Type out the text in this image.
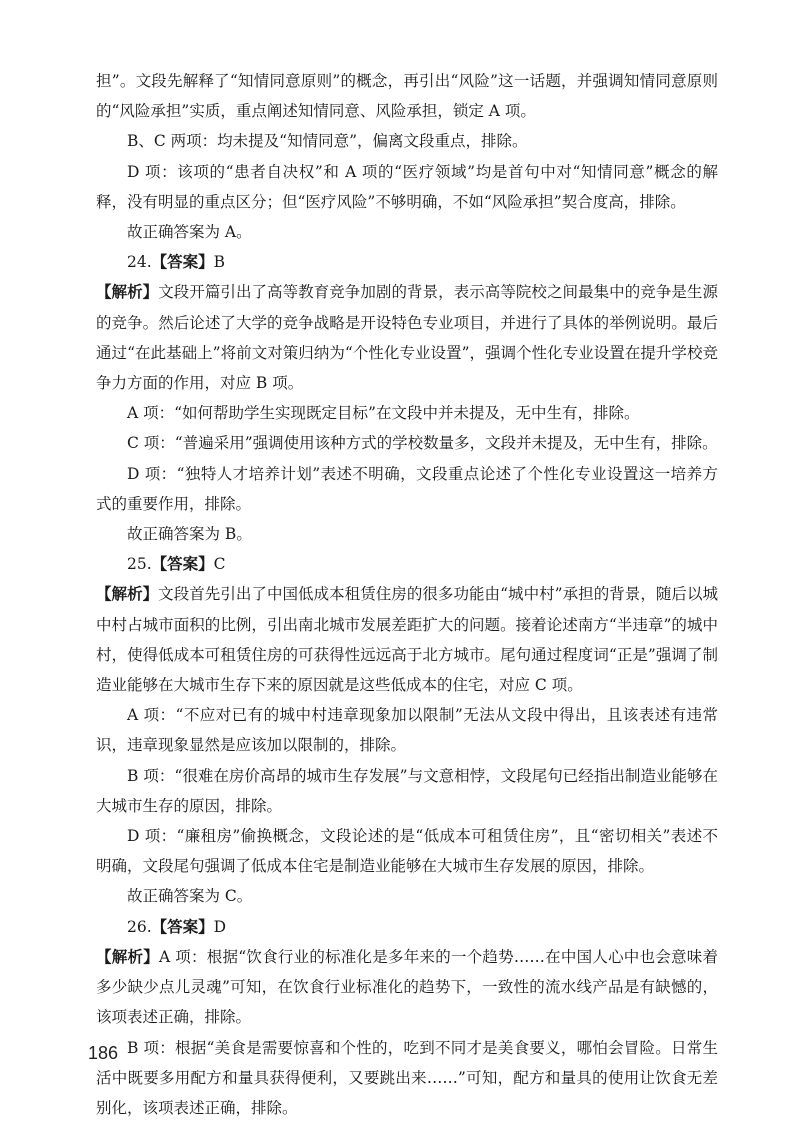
担”。文段先解释了“知情同意原则”的概念，再引出“风险”这一话题，并强调知情同意原则的“风险承担”实质，重点阐述知情同意、风险承担，锁定 A 项。

B、C 两项：均未提及“知情同意”，偏离文段重点，排除。

D 项：该项的“患者自决权”和 A 项的“医疗领域”均是首句中对“知情同意”概念的解释，没有明显的重点区分；但“医疗风险”不够明确，不如“风险承担”契合度高，排除。

故正确答案为 A。

24.【答案】B

【解析】文段开篇引出了高等教育竞争加剧的背景，表示高等院校之间最集中的竞争是生源的竞争。然后论述了大学的竞争战略是开设特色专业项目，并进行了具体的举例说明。最后通过“在此基础上”将前文对策归纳为“个性化专业设置”，强调个性化专业设置在提升学校竞争力方面的作用，对应 B 项。

A 项：“如何帮助学生实现既定目标”在文段中并未提及，无中生有，排除。

C 项：“普遍采用”强调使用该种方式的学校数量多，文段并未提及，无中生有，排除。

D 项：“独特人才培养计划”表述不明确，文段重点论述了个性化专业设置这一培养方式的重要作用，排除。

故正确答案为 B。

25.【答案】C

【解析】文段首先引出了中国低成本租赁住房的很多功能由“城中村”承担的背景，随后以城中村占城市面积的比例，引出南北城市发展差距扩大的问题。接着论述南方“半违章”的城中村，使得低成本可租赁住房的可获得性远远高于北方城市。尾句通过程度词“正是”强调了制造业能够在大城市生存下来的原因就是这些低成本的住宅，对应 C 项。

A 项：“不应对已有的城中村违章现象加以限制”无法从文段中得出，且该表述有违常识，违章现象显然是应该加以限制的，排除。

B 项：“很难在房价高昂的城市生存发展”与文意相悖，文段尾句已经指出制造业能够在大城市生存的原因，排除。

D 项：“廉租房”偷换概念，文段论述的是“低成本可租赁住房”，且“密切相关”表述不明确，文段尾句强调了低成本住宅是制造业能够在大城市生存发展的原因，排除。

故正确答案为 C。

26.【答案】D

【解析】A 项：根据“饮食行业的标准化是多年来的一个趋势……在中国人心中也会意味着多少缺少点儿灵魂”可知，在饮食行业标准化的趋势下，一致性的流水线产品是有缺憾的，该项表述正确，排除。

B 项：根据“美食是需要惊喜和个性的，吃到不同才是美食要义，哪怕会冒险。日常生活中既要多用配方和量具获得便利，又要跳出来……”可知，配方和量具的使用让饮食无差别化，该项表述正确，排除。

186
